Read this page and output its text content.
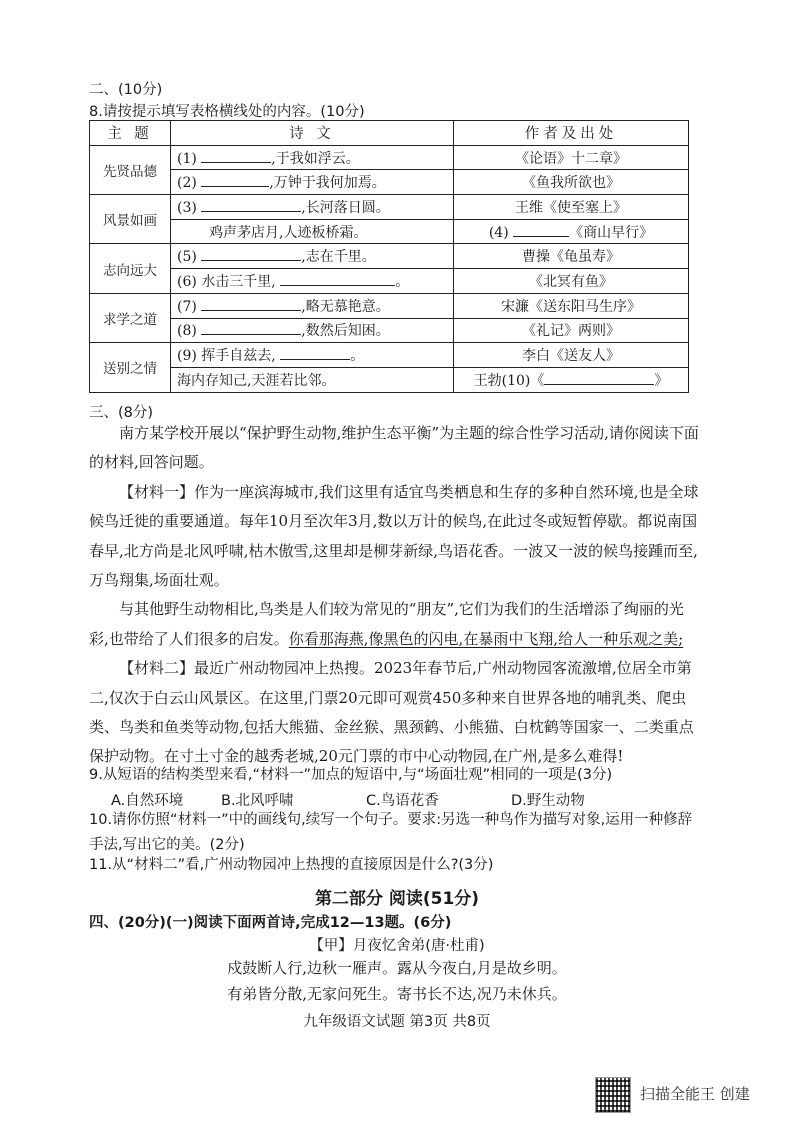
二、(10分)
8.请按提示填写表格横线处的内容。(10分)
主 题	诗 文	作者及出处
先贤品德	(1) ,于我如浮云。	《论语》十二章》
	(2) ,万钟于我何加焉。	《鱼我所欲也》
风景如画	(3) ,长河落日圆。	王维《使至塞上》
	鸡声茅店月,人迹板桥霜。	(4) 《商山早行》
志向远大	(5) ,志在千里。	曹操《龟虽寿》
	(6) 水击三千里, 。	《北冥有鱼》
求学之道	(7) ,略无慕艳意。	宋濂《送东阳马生序》
	(8) ,数然后知困。	《礼记》两则》
送别之情	(9) 挥手自兹去, 。	李白《送友人》
	海内存知己,天涯若比邻。	王勃(10)《 》
三、(8分)

南方某学校开展以“保护野生动物,维护生态平衡”为主题的综合性学习活动,请你阅读下面的材料,回答问题。

【材料一】作为一座滨海城市,我们这里有适宜鸟类栖息和生存的多种自然环境,也是全球候鸟迁徙的重要通道。每年10月至次年3月,数以万计的候鸟,在此过冬或短暂停歇。都说南国春早,北方尚是北风呼啸,枯木傲雪,这里却是柳芽新绿,鸟语花香。一波又一波的候鸟接踵而至,万鸟翔集,场面壮观。

与其他野生动物相比,鸟类是人们较为常见的“朋友”,它们为我们的生活增添了绚丽的光彩,也带给了人们很多的启发。你看那海燕,像黑色的闪电,在暴雨中飞翔,给人一种乐观之美;

【材料二】最近广州动物园冲上热搜。2023年春节后,广州动物园客流激增,位居全市第二,仅次于白云山风景区。在这里,门票20元即可观赏450多种来自世界各地的哺乳类、爬虫类、鸟类和鱼类等动物,包括大熊猫、金丝猴、黑颈鹤、小熊猫、白枕鹤等国家一、二类重点保护动物。在寸土寸金的越秀老城,20元门票的市中心动物园,在广州,是多么难得!

9.从短语的结构类型来看,“材料一”加点的短语中,与“场面壮观”相同的一项是(3分)
A.自然环境	B.北风呼啸	C.鸟语花香	D.野生动物
10.请你仿照“材料一”中的画线句,续写一个句子。要求:另选一种鸟作为描写对象,运用一种修辞手法,写出它的美。(2分)
11.从“材料二”看,广州动物园冲上热搜的直接原因是什么?(3分)
第二部分 阅读(51分)
四、(20分)(一)阅读下面两首诗,完成12—13题。(6分)
【甲】月夜忆舍弟(唐·杜甫)
戍鼓断人行,边秋一雁声。露从今夜白,月是故乡明。
有弟皆分散,无家问死生。寄书长不达,况乃未休兵。
九年级语文试题 第3页 共8页
扫描全能王 创建
